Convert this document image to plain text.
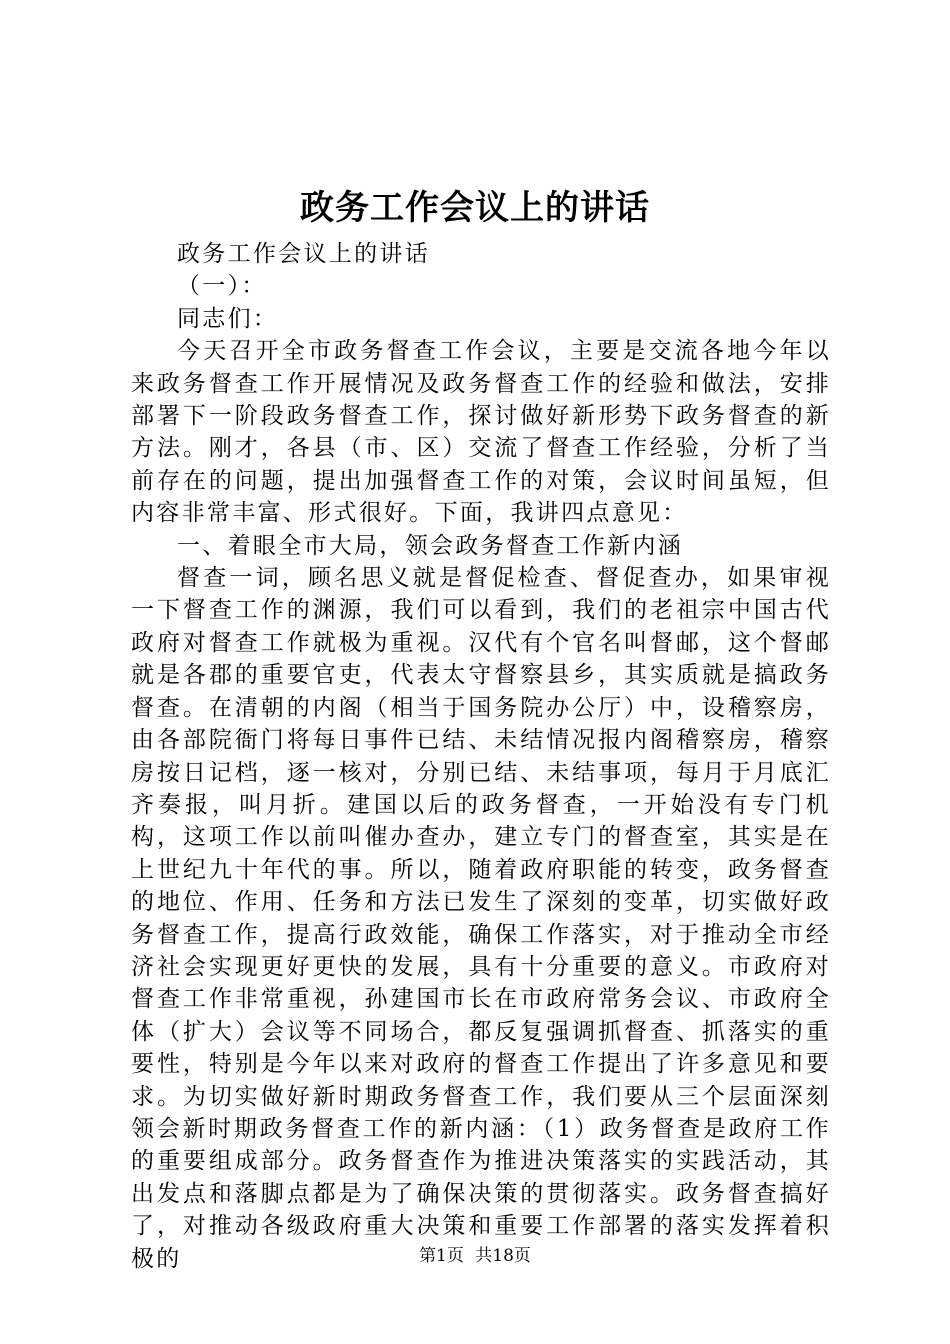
政务工作会议上的讲话

政务工作会议上的讲话

（一）：

同志们：

今天召开全市政务督查工作会议，主要是交流各地今年以来政务督查工作开展情况及政务督查工作的经验和做法，安排部署下一阶段政务督查工作，探讨做好新形势下政务督查的新方法。刚才，各县（市、区）交流了督查工作经验，分析了当前存在的问题，提出加强督查工作的对策，会议时间虽短，但内容非常丰富、形式很好。下面，我讲四点意见：

一、着眼全市大局，领会政务督查工作新内涵

督查一词，顾名思义就是督促检查、督促查办，如果审视一下督查工作的渊源，我们可以看到，我们的老祖宗中国古代政府对督查工作就极为重视。汉代有个官名叫督邮，这个督邮就是各郡的重要官吏，代表太守督察县乡，其实质就是搞政务督查。在清朝的内阁（相当于国务院办公厅）中，设稽察房，由各部院衙门将每日事件已结、未结情况报内阁稽察房，稽察房按日记档，逐一核对，分别已结、未结事项，每月于月底汇齐奏报，叫月折。建国以后的政务督查，一开始没有专门机构，这项工作以前叫催办查办，建立专门的督查室，其实是在上世纪九十年代的事。所以，随着政府职能的转变，政务督查的地位、作用、任务和方法已发生了深刻的变革，切实做好政务督查工作，提高行政效能，确保工作落实，对于推动全市经济社会实现更好更快的发展，具有十分重要的意义。市政府对督查工作非常重视，孙建国市长在市政府常务会议、市政府全体（扩大）会议等不同场合，都反复强调抓督查、抓落实的重要性，特别是今年以来对政府的督查工作提出了许多意见和要求。为切实做好新时期政务督查工作，我们要从三个层面深刻领会新时期政务督查工作的新内涵：（1）政务督查是政府工作的重要组成部分。政务督查作为推进决策落实的实践活动，其出发点和落脚点都是为了确保决策的贯彻落实。政务督查搞好了，对推动各级政府重大决策和重要工作部署的落实发挥着积极的	第1页 共18页
